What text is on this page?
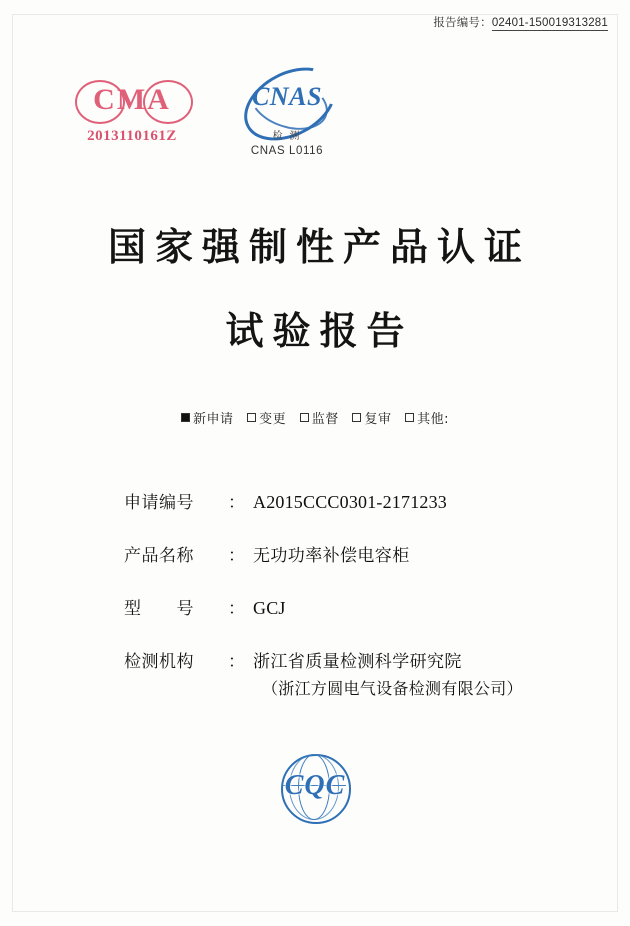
报告编号：02401-150019313281
CMA
2013110161Z
CNAS
检 测
CNAS L0116
国家强制性产品认证
试验报告
新申请 变更 监督 复审 其他:
申请编号	： A2015CCC0301-2171233
产品名称	： 无功功率补偿电容柜
型　　号	： GCJ
检测机构	： 浙江省质量检测科学研究院
（浙江方圆电气设备检测有限公司）
CQC
